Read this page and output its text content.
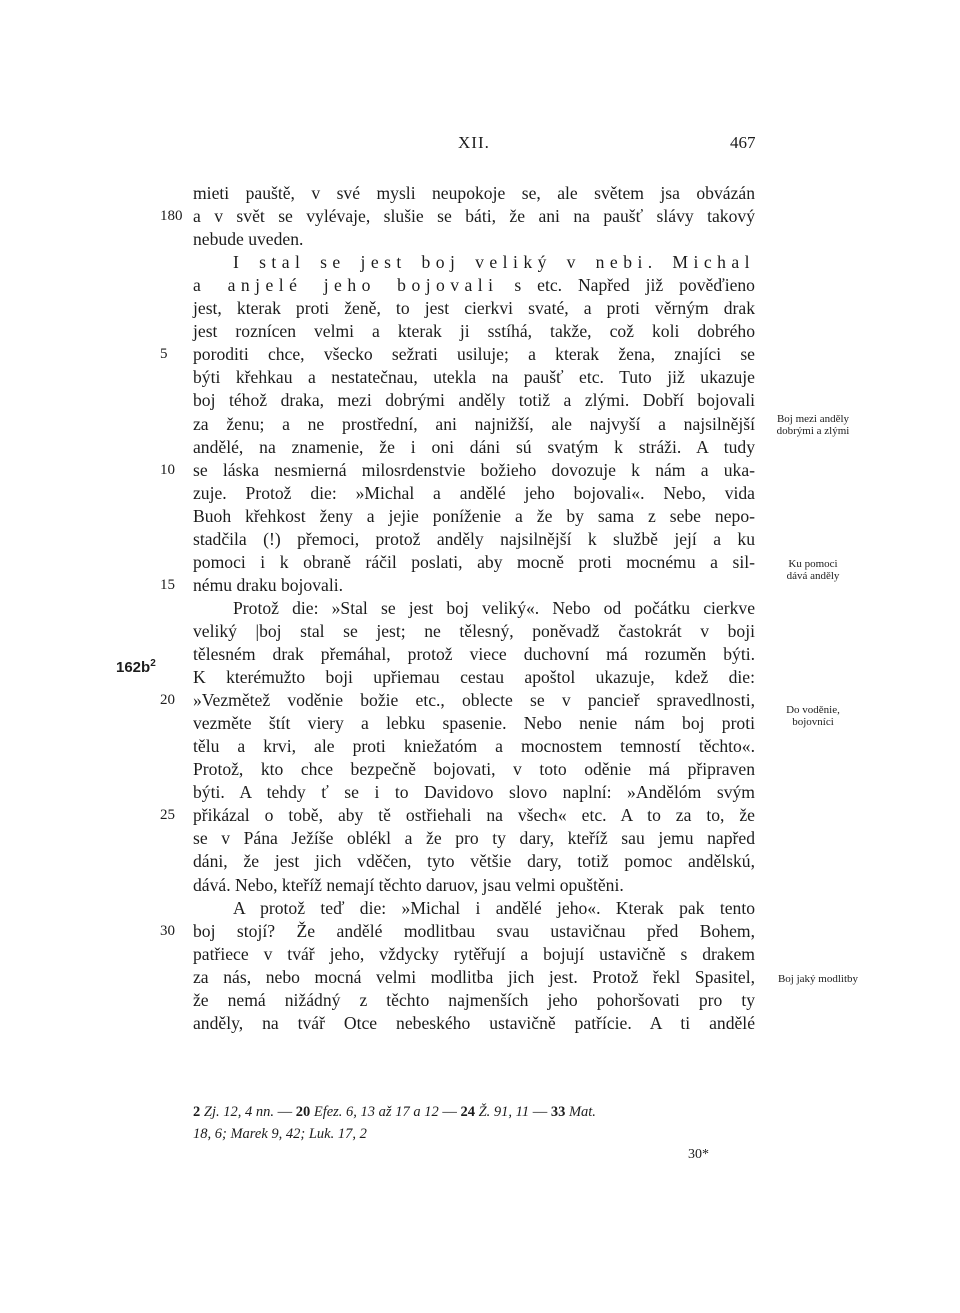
XII.	467
mieti pauště, v své mysli neupokoje se, ale světem jsa obvázán
a v svět se vylévaje, slušie se báti, že ani na paušť slávy takový
180
nebude uveden.
I stal se jest boj veliký v nebi. Michal
a anjelé jeho bojovali s etc. Napřed již pověďieno
jest, kterak proti ženě, to jest cierkvi svaté, a proti věrným drak
jest roznícen velmi a kterak ji sstíhá, takže, což koli dobrého
poroditi chce, všecko sežrati usiluje; a kterak žena, znajíci se
5
býti křehkau a nestatečnau, utekla na paušť etc. Tuto již ukazuje
boj téhož draka, mezi dobrými anděly totiž a zlými. Dobří bojovali
za ženu; a ne prostřední, ani najnižší, ale najvyší a najsilnější
andělé, na znamenie, že i oni dáni sú svatým k stráži. A tudy
se láska nesmierná milosrdenstvie božieho dovozuje k nám a uka-
10
zuje. Protož die: »Michal a andělé jeho bojovali«. Nebo, vida
Buoh křehkost ženy a jejie poníženie a že by sama z sebe nepo-
stadčila (!) přemoci, protož anděly najsilnější k službě její a ku
pomoci i k obraně ráčil poslati, aby mocně proti mocnému a sil-
nému draku bojovali.
15
Protož die: »Stal se jest boj veliký«. Nebo od počátku cierkve
veliký |boj stal se jest; ne tělesný, poněvadž častokrát v boji
tělesném drak přemáhal, protož viece duchovní má rozuměn býti.
K kterémužto boji upřiemau cestau apoštol ukazuje, kdež die:
»Vezmětež voděnie božie etc., oblecte se v pancieř spravedlnosti,
20
vezměte štít viery a lebku spasenie. Nebo nenie nám boj proti
tělu a krvi, ale proti kniežatóm a mocnostem temností těchto«.
Protož, kto chce bezpečně bojovati, v toto oděnie má připraven
býti. A tehdy ť se i to Davidovo slovo naplní: »Andělóm svým
přikázal o tobě, aby tě ostřiehali na všech« etc. A to za to, že
25
se v Pána Ježíše oblékl a že pro ty dary, kteříž sau jemu napřed
dáni, že jest jich vděčen, tyto většie dary, totiž pomoc andělskú,
dává. Nebo, kteříž nemají těchto daruov, jsau velmi opuštěni.
A protož teď die: »Michal i andělé jeho«. Kterak pak tento
boj stojí? Že andělé modlitbau svau ustavičnau před Bohem,
30
patřiece v tvář jeho, vždycky rytěřují a bojují ustavičně s drakem
za nás, nebo mocná velmi modlitba jich jest. Protož řekl Spasitel,
že nemá nižádný z těchto najmenších jeho pohoršovati pro ty
anděly, na tvář Otce nebeského ustavičně patřície. A ti andělé
$162b^2$
Boj mezi anděly
dobrými a zlými
Ku pomoci
dává anděly
Do voděnie,
bojovníci
Boj jaký modlitby
2 Zj. 12, 4 nn. — 20 Efez. 6, 13 až 17 a 12 — 24 Ž. 91, 11 — 33 Mat.
18, 6; Marek 9, 42; Luk. 17, 2
30*
